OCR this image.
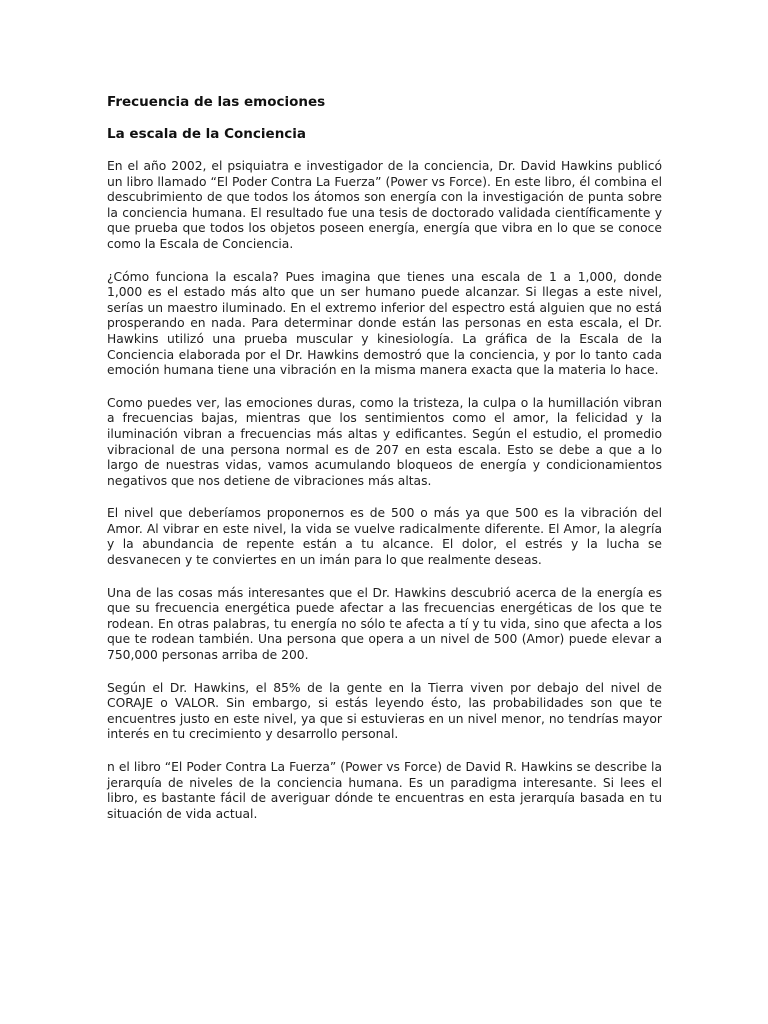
Frecuencia de las emociones
La escala de la Conciencia

En el año 2002, el psiquiatra e investigador de la conciencia, Dr. David Hawkins publicó un libro llamado “El Poder Contra La Fuerza” (Power vs Force). En este libro, él combina el descubrimiento de que todos los átomos son energía con la investigación de punta sobre la conciencia humana. El resultado fue una tesis de doctorado validada científicamente y que prueba que todos los objetos poseen energía, energía que vibra en lo que se conoce como la Escala de Conciencia.

¿Cómo funciona la escala? Pues imagina que tienes una escala de 1 a 1,000, donde 1,000 es el estado más alto que un ser humano puede alcanzar. Si llegas a este nivel, serías un maestro iluminado. En el extremo inferior del espectro está alguien que no está prosperando en nada. Para determinar donde están las personas en esta escala, el Dr. Hawkins utilizó una prueba muscular y kinesiología. La gráfica de la Escala de la Conciencia elaborada por el Dr. Hawkins demostró que la conciencia, y por lo tanto cada emoción humana tiene una vibración en la misma manera exacta que la materia lo hace.

Como puedes ver, las emociones duras, como la tristeza, la culpa o la humillación vibran a frecuencias bajas, mientras que los sentimientos como el amor, la felicidad y la iluminación vibran a frecuencias más altas y edificantes. Según el estudio, el promedio vibracional de una persona normal es de 207 en esta escala. Esto se debe a que a lo largo de nuestras vidas, vamos acumulando bloqueos de energía y condicionamientos negativos que nos detiene de vibraciones más altas.

El nivel que deberíamos proponernos es de 500 o más ya que 500 es la vibración del Amor. Al vibrar en este nivel, la vida se vuelve radicalmente diferente. El Amor, la alegría y la abundancia de repente están a tu alcance. El dolor, el estrés y la lucha se desvanecen y te conviertes en un imán para lo que realmente deseas.

Una de las cosas más interesantes que el Dr. Hawkins descubrió acerca de la energía es que su frecuencia energética puede afectar a las frecuencias energéticas de los que te rodean. En otras palabras, tu energía no sólo te afecta a tí y tu vida, sino que afecta a los que te rodean también. Una persona que opera a un nivel de 500 (Amor) puede elevar a 750,000 personas arriba de 200.

Según el Dr. Hawkins, el 85% de la gente en la Tierra viven por debajo del nivel de CORAJE o VALOR. Sin embargo, si estás leyendo ésto, las probabilidades son que te encuentres justo en este nivel, ya que si estuvieras en un nivel menor, no tendrías mayor interés en tu crecimiento y desarrollo personal.

n el libro “El Poder Contra La Fuerza” (Power vs Force) de David R. Hawkins se describe la jerarquía de niveles de la conciencia humana. Es un paradigma interesante. Si lees el libro, es bastante fácil de averiguar dónde te encuentras en esta jerarquía basada en tu situación de vida actual.
